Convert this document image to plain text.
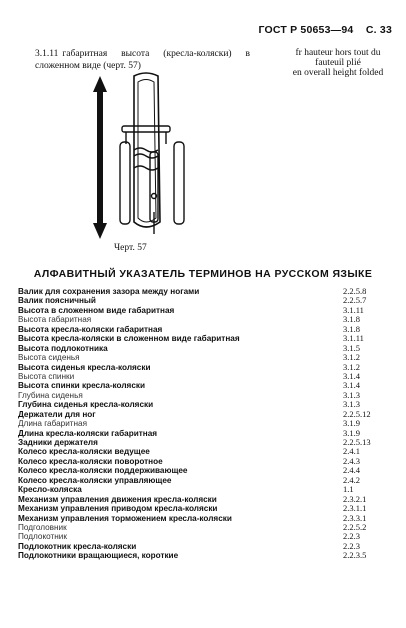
ГОСТ Р 50653—94 С. 33
3.1.11 габаритная высота (кресла-коляски) в сложенном виде (черт. 57)
fr hauteur hors tout du
fauteuil plié
en overall height folded
Черт. 57
АЛФАВИТНЫЙ УКАЗАТЕЛЬ ТЕРМИНОВ НА РУССКОМ ЯЗЫКЕ
Валик для сохранения зазора между ногами	2.2.5.8
Валик поясничный	2.2.5.7
Высота в сложенном виде габаритная	3.1.11
Высота габаритная	3.1.8
Высота кресла-коляски габаритная	3.1.8
Высота кресла-коляски в сложенном виде габаритная	3.1.11
Высота подлокотника	3.1.5
Высота сиденья	3.1.2
Высота сиденья кресла-коляски	3.1.2
Высота спинки	3.1.4
Высота спинки кресла-коляски	3.1.4
Глубина сиденья	3.1.3
Глубина сиденья кресла-коляски	3.1.3
Держатели для ног	2.2.5.12
Длина габаритная	3.1.9
Длина кресла-коляски габаритная	3.1.9
Задники держателя	2.2.5.13
Колесо кресла-коляски ведущее	2.4.1
Колесо кресла-коляски поворотное	2.4.3
Колесо кресла-коляски поддерживающее	2.4.4
Колесо кресла-коляски управляющее	2.4.2
Кресло-коляска	1.1
Механизм управления движения кресла-коляски	2.3.2.1
Механизм управления приводом кресла-коляски	2.3.1.1
Механизм управления торможением кресла-коляски	2.3.3.1
Подголовник	2.2.5.2
Подлокотник	2.2.3
Подлокотник кресла-коляски	2.2.3
Подлокотники вращающиеся, короткие	2.2.3.5
